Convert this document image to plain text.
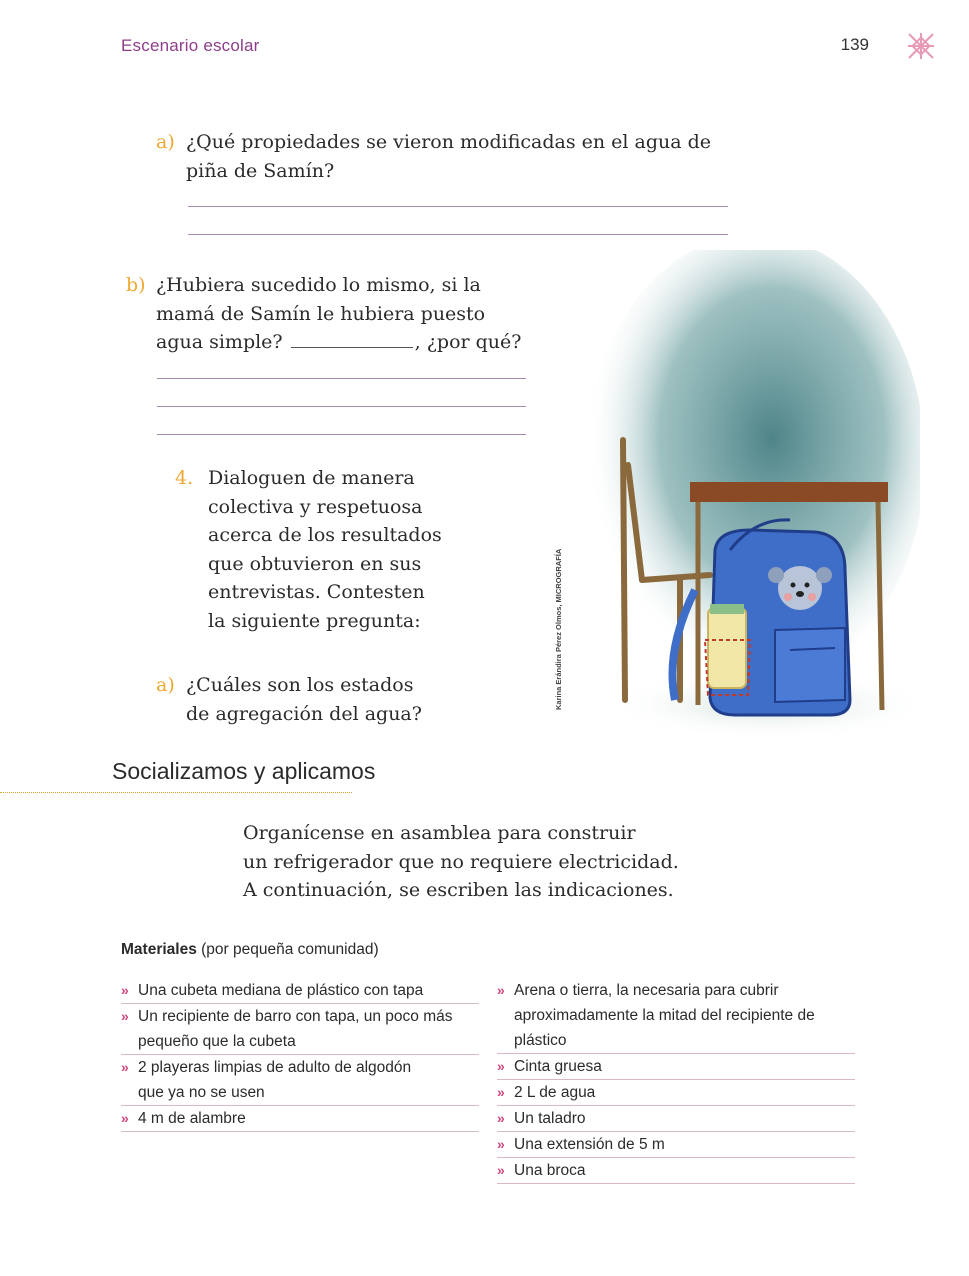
Escenario escolar	139
a) ¿Qué propiedades se vieron modificadas en el agua de
piña de Samín?
b) ¿Hubiera sucedido lo mismo, si la
mamá de Samín le hubiera puesto
agua simple?	, ¿por qué?
4. Dialoguen de manera
colectiva y respetuosa
acerca de los resultados
que obtuvieron en sus
entrevistas. Contesten
la siguiente pregunta:
a) ¿Cuáles son los estados
de agregación del agua?
Karina Erándira Pérez Olmos, MICROGRAFÍA
Socializamos y aplicamos
Organícense en asamblea para construir
un refrigerador que no requiere electricidad.
A continuación, se escriben las indicaciones.
Materiales (por pequeña comunidad)
» Una cubeta mediana de plástico con tapa
» Un recipiente de barro con tapa, un poco más
pequeño que la cubeta
» 2 playeras limpias de adulto de algodón
que ya no se usen
» 4 m de alambre
» Arena o tierra, la necesaria para cubrir
aproximadamente la mitad del recipiente de plástico
» Cinta gruesa
» 2 L de agua
» Un taladro
» Una extensión de 5 m
» Una broca
